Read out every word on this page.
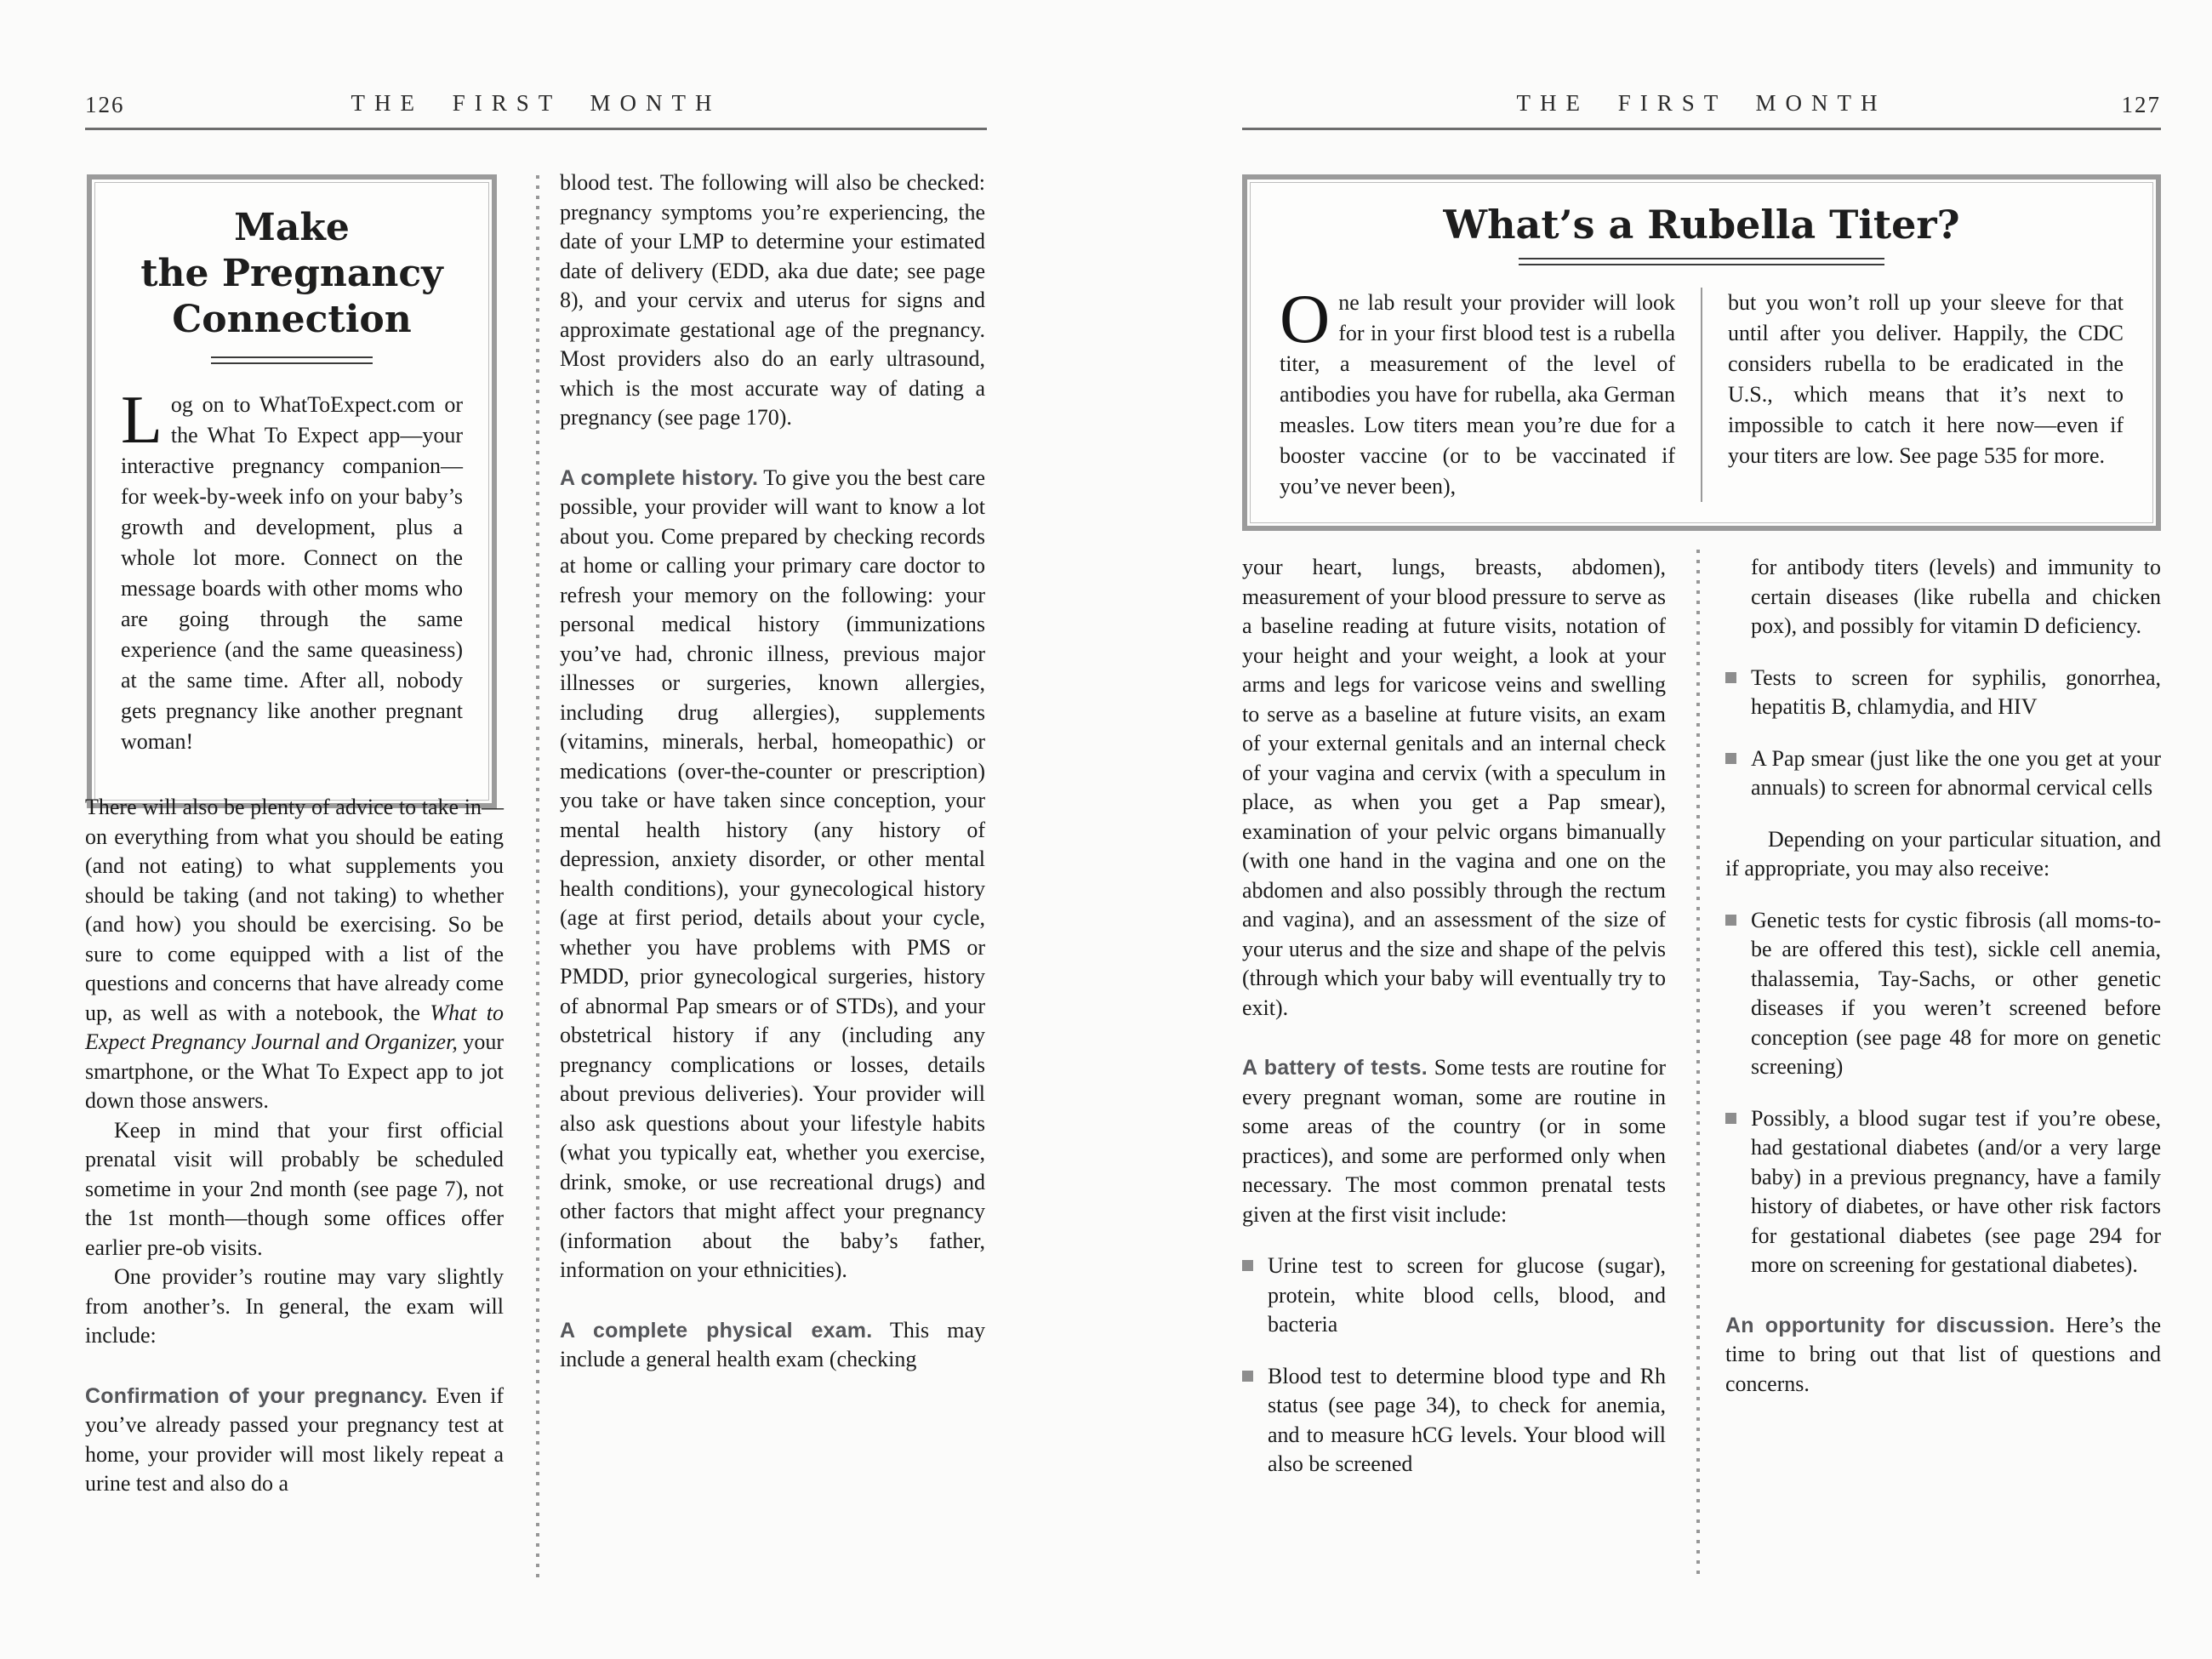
126	THE FIRST MONTH
Make
the Pregnancy
Connection

Log on to WhatToExpect.com or the What To Expect app—your interactive pregnancy companion—for week-by-week info on your baby’s growth and development, plus a whole lot more. Connect on the message boards with other moms who are going through the same experience (and the same queasiness) at the same time. After all, nobody gets pregnancy like another pregnant woman!

There will also be plenty of advice to take in—on everything from what you should be eating (and not eating) to what supplements you should be taking (and not taking) to whether (and how) you should be exercising. So be sure to come equipped with a list of the questions and concerns that have already come up, as well as with a notebook, the What to Expect Pregnancy Journal and Organizer, your smartphone, or the What To Expect app to jot down those answers.

Keep in mind that your first official prenatal visit will probably be scheduled sometime in your 2nd month (see page 7), not the 1st month—though some offices offer earlier pre-ob visits.

One provider’s routine may vary slightly from another’s. In general, the exam will include:

Confirmation of your pregnancy. Even if you’ve already passed your pregnancy test at home, your provider will most likely repeat a urine test and also do a

blood test. The following will also be checked: pregnancy symptoms you’re experiencing, the date of your LMP to determine your estimated date of delivery (EDD, aka due date; see page 8), and your cervix and uterus for signs and approximate gestational age of the pregnancy. Most providers also do an early ultrasound, which is the most accurate way of dating a pregnancy (see page 170).

A complete history. To give you the best care possible, your provider will want to know a lot about you. Come prepared by checking records at home or calling your primary care doctor to refresh your memory on the following: your personal medical history (immunizations you’ve had, chronic illness, previous major illnesses or surgeries, known allergies, including drug allergies), supplements (vitamins, minerals, herbal, homeopathic) or medications (over-the-counter or prescription) you take or have taken since conception, your mental health history (any history of depression, anxiety disorder, or other mental health conditions), your gynecological history (age at first period, details about your cycle, whether you have problems with PMS or PMDD, prior gynecological surgeries, history of abnormal Pap smears or of STDs), and your obstetrical history if any (including any pregnancy complications or losses, details about previous deliveries). Your provider will also ask questions about your lifestyle habits (what you typically eat, whether you exercise, drink, smoke, or use recreational drugs) and other factors that might affect your pregnancy (information about the baby’s father, information on your ethnicities).

A complete physical exam. This may include a general health exam (checking

THE FIRST MONTH	127
What’s a Rubella Titer?
One lab result your provider will look for in your first blood test is a rubella titer, a measurement of the level of antibodies you have for rubella, aka German measles. Low titers mean you’re due for a booster vaccine (or to be vaccinated if you’ve never been),
but you won’t roll up your sleeve for that until after you deliver. Happily, the CDC considers rubella to be eradicated in the U.S., which means that it’s next to impossible to catch it here now—even if your titers are low. See page 535 for more.

your heart, lungs, breasts, abdomen), measurement of your blood pressure to serve as a baseline reading at future visits, notation of your height and your weight, a look at your arms and legs for varicose veins and swelling to serve as a baseline at future visits, an exam of your external genitals and an internal check of your vagina and cervix (with a speculum in place, as when you get a Pap smear), examination of your pelvic organs bimanually (with one hand in the vagina and one on the abdomen and also possibly through the rectum and vagina), and an assessment of the size of your uterus and the size and shape of the pelvis (through which your baby will eventually try to exit).

A battery of tests. Some tests are routine for every pregnant woman, some are routine in some areas of the country (or in some practices), and some are performed only when necessary. The most common prenatal tests given at the first visit include:

Urine test to screen for glucose (sugar), protein, white blood cells, blood, and bacteria
Blood test to determine blood type and Rh status (see page 34), to check for anemia, and to measure hCG levels. Your blood will also be screened

for antibody titers (levels) and immunity to certain diseases (like rubella and chicken pox), and possibly for vitamin D deficiency.

Tests to screen for syphilis, gonorrhea, hepatitis B, chlamydia, and HIV
A Pap smear (just like the one you get at your annuals) to screen for abnormal cervical cells

Depending on your particular situation, and if appropriate, you may also receive:

Genetic tests for cystic fibrosis (all moms-to-be are offered this test), sickle cell anemia, thalassemia, Tay-Sachs, or other genetic diseases if you weren’t screened before conception (see page 48 for more on genetic screening)
Possibly, a blood sugar test if you’re obese, had gestational diabetes (and/or a very large baby) in a previous pregnancy, have a family history of diabetes, or have other risk factors for gestational diabetes (see page 294 for more on screening for gestational diabetes).

An opportunity for discussion. Here’s the time to bring out that list of questions and concerns.
